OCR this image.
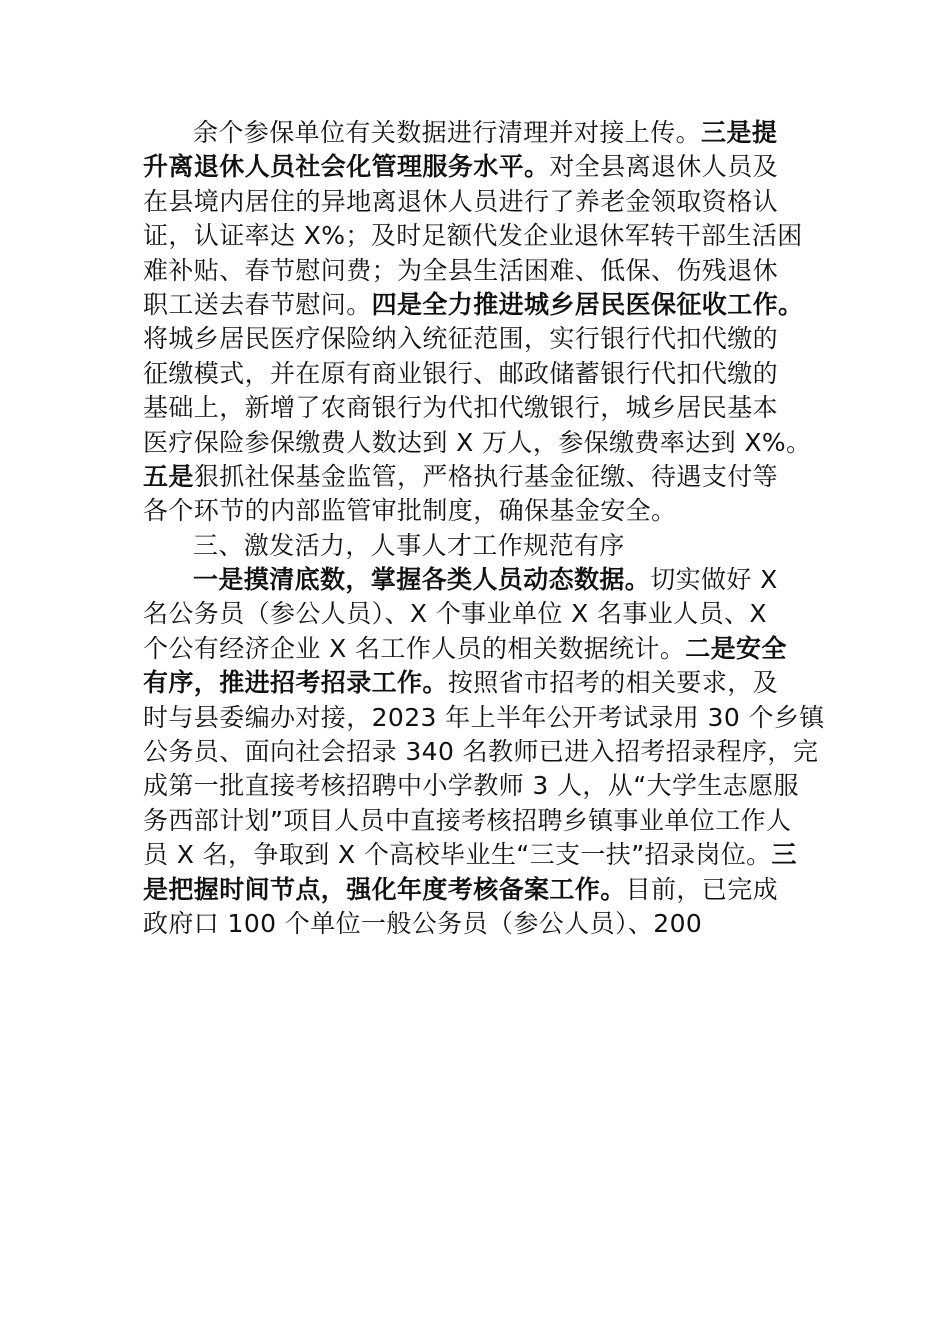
余个参保单位有关数据进行清理并对接上传。三是提
升离退休人员社会化管理服务水平。对全县离退休人员及
在县境内居住的异地离退休人员进行了养老金领取资格认
证，认证率达 X%；及时足额代发企业退休军转干部生活困
难补贴、春节慰问费；为全县生活困难、低保、伤残退休
职工送去春节慰问。四是全力推进城乡居民医保征收工作。
将城乡居民医疗保险纳入统征范围，实行银行代扣代缴的
征缴模式，并在原有商业银行、邮政储蓄银行代扣代缴的
基础上，新增了农商银行为代扣代缴银行，城乡居民基本
医疗保险参保缴费人数达到 X 万人，参保缴费率达到 X%。
五是狠抓社保基金监管，严格执行基金征缴、待遇支付等
各个环节的内部监管审批制度，确保基金安全。
三、激发活力，人事人才工作规范有序
一是摸清底数，掌握各类人员动态数据。切实做好 X
名公务员（参公人员）、X 个事业单位 X 名事业人员、X
个公有经济企业 X 名工作人员的相关数据统计。二是安全
有序，推进招考招录工作。按照省市招考的相关要求，及
时与县委编办对接，2023 年上半年公开考试录用 30 个乡镇
公务员、面向社会招录 340 名教师已进入招考招录程序，完
成第一批直接考核招聘中小学教师 3 人，从“大学生志愿服
务西部计划”项目人员中直接考核招聘乡镇事业单位工作人
员 X 名，争取到 X 个高校毕业生“三支一扶”招录岗位。三
是把握时间节点，强化年度考核备案工作。目前，已完成
政府口 100 个单位一般公务员（参公人员）、200
